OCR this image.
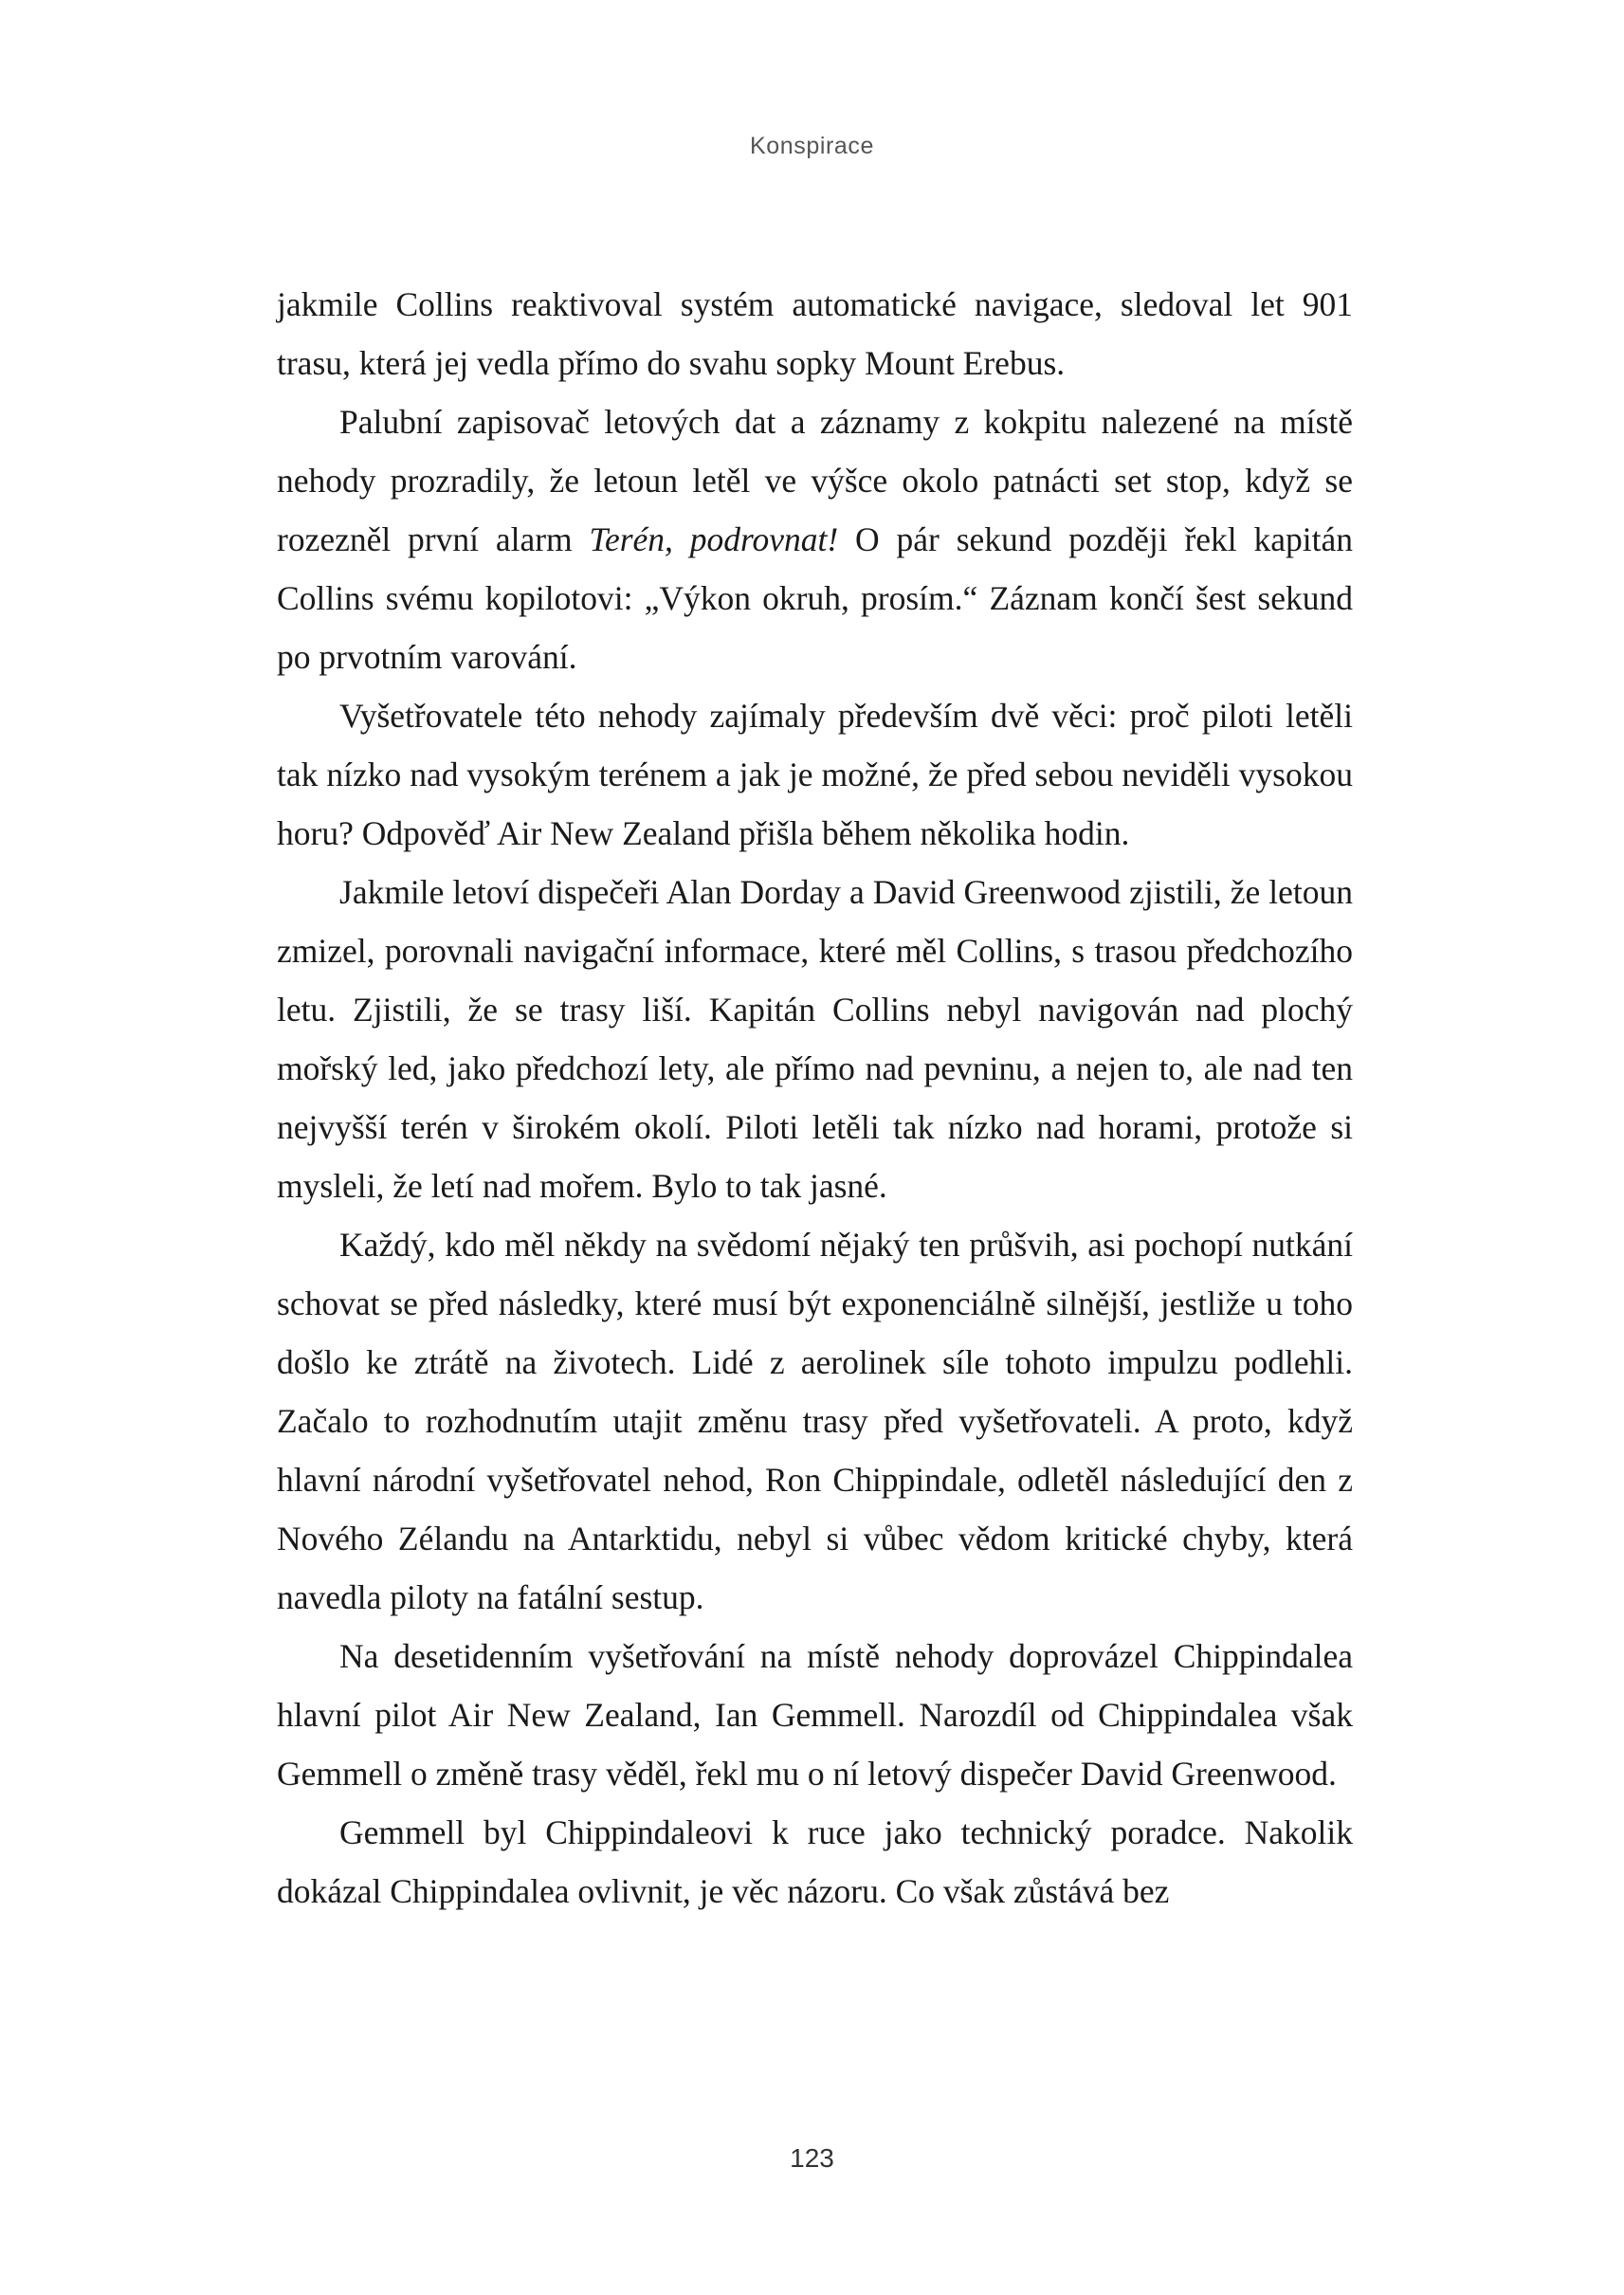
Konspirace

jakmile Collins reaktivoval systém automatické navigace, sledoval let 901 trasu, která jej vedla přímo do svahu sopky Mount Erebus.

Palubní zapisovač letových dat a záznamy z kokpitu nalezené na místě nehody prozradily, že letoun letěl ve výšce okolo patnácti set stop, když se rozezněl první alarm Terén, podrovnat! O pár sekund později řekl kapitán Collins svému kopilotovi: „Výkon okruh, prosím.“ Záznam končí šest sekund po prvotním varování.

Vyšetřovatele této nehody zajímaly především dvě věci: proč piloti letěli tak nízko nad vysokým terénem a jak je možné, že před sebou neviděli vysokou horu? Odpověď Air New Zealand přišla během několika hodin.

Jakmile letoví dispečeři Alan Dorday a David Greenwood zjistili, že letoun zmizel, porovnali navigační informace, které měl Collins, s trasou předchozího letu. Zjistili, že se trasy liší. Kapitán Collins nebyl navigován nad plochý mořský led, jako předchozí lety, ale přímo nad pevninu, a nejen to, ale nad ten nejvyšší terén v širokém okolí. Piloti letěli tak nízko nad horami, protože si mysleli, že letí nad mořem. Bylo to tak jasné.

Každý, kdo měl někdy na svědomí nějaký ten průšvih, asi pochopí nutkání schovat se před následky, které musí být exponenciálně silnější, jestliže u toho došlo ke ztrátě na životech. Lidé z aerolinek síle tohoto impulzu podlehli. Začalo to rozhodnutím utajit změnu trasy před vyšetřovateli. A proto, když hlavní národní vyšetřovatel nehod, Ron Chippindale, odletěl následující den z Nového Zélandu na Antarktidu, nebyl si vůbec vědom kritické chyby, která navedla piloty na fatální sestup.

Na desetidenním vyšetřování na místě nehody doprovázel Chippindalea hlavní pilot Air New Zealand, Ian Gemmell. Narozdíl od Chippindalea však Gemmell o změně trasy věděl, řekl mu o ní letový dispečer David Greenwood.

Gemmell byl Chippindaleovi k ruce jako technický poradce. Nakolik dokázal Chippindalea ovlivnit, je věc názoru. Co však zůstává bez

123
